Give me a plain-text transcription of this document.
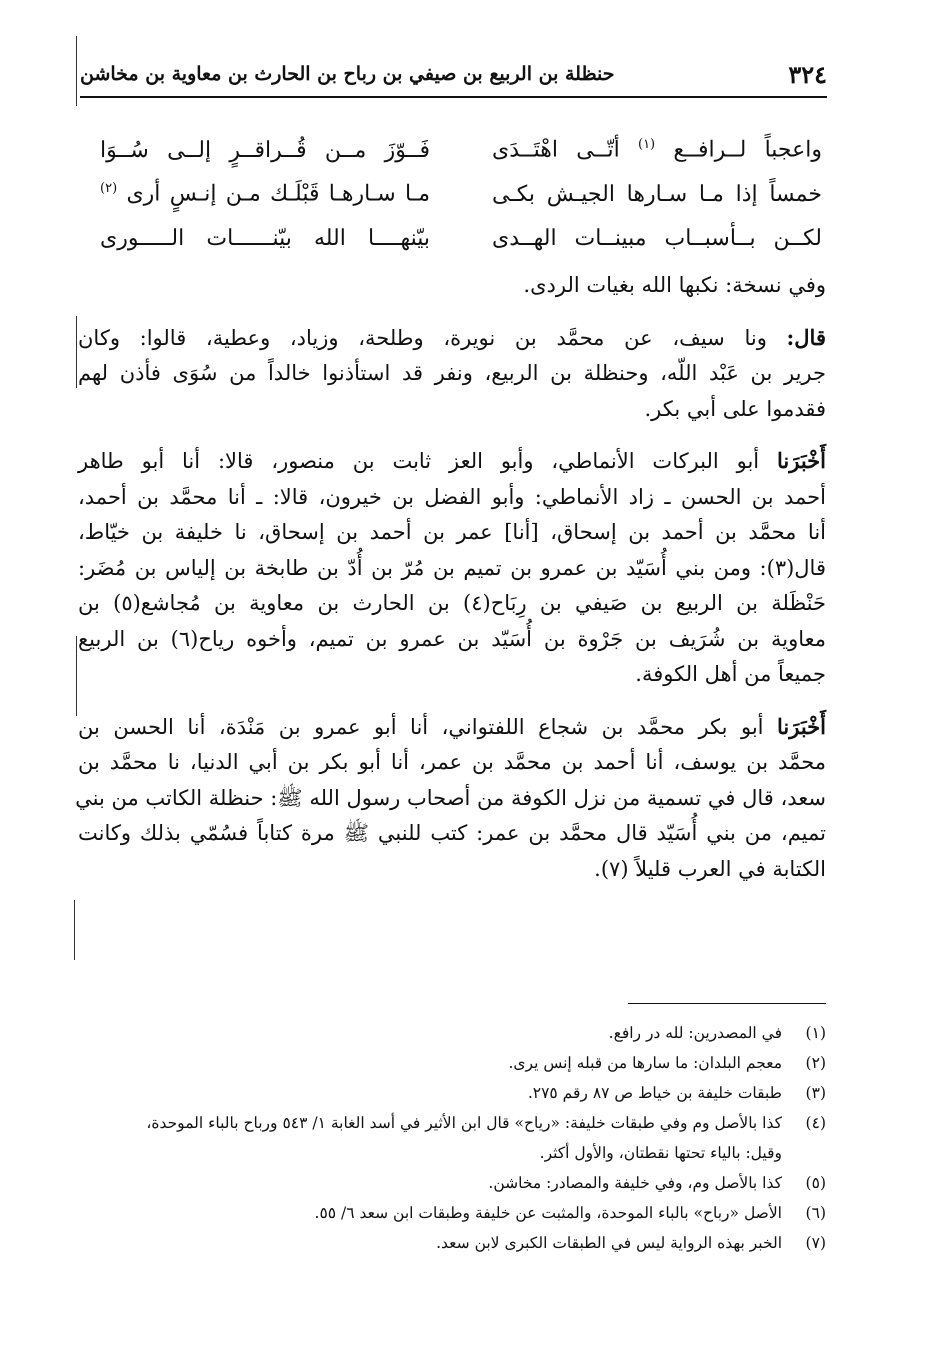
٣٢٤
حنظلة بن الربيع بن صيفي بن رباح بن الحارث بن معاوية بن مخاشن
واعجباً لــرافــع $^{(١)}$ أتّــى اهْتَــدَى
فَــوّزَ مــن قُــراقــرٍ إلــى سُــوَا
خمساً إذا مـا سـارها الجيـش بكـى
مـا سـارهـا قَبْلَـك مـن إنـسٍ أرى $^{(٢)}$
لكــن بــأسبــاب مبينــات الهــدى
بيّنهــــا الله بيّنــــــات الـــــورى

وفي نسخة: نكبها الله بغيات الردى.

قال: ونا سيف، عن محمَّد بن نويرة، وطلحة، وزياد، وعطية، قالوا: وكان
جرير بن عَبْد اللّه، وحنظلة بن الربيع، ونفر قد استأذنوا خالداً من سُوَى فأذن لهم
فقدموا على أبي بكر.

أَخْبَرَنا أبو البركات الأنماطي، وأبو العز ثابت بن منصور، قالا: أنا أبو طاهر
أحمد بن الحسن ـ زاد الأنماطي: وأبو الفضل بن خيرون، قالا: ـ أنا محمَّد بن أحمد،
أنا محمَّد بن أحمد بن إسحاق، [أنا] عمر بن أحمد بن إسحاق، نا خليفة بن خيّاط،
قال(٣): ومن بني أُسَيّد بن عمرو بن تميم بن مُرّ بن أُدّ بن طابخة بن إلياس بن مُضَر:
حَنْظَلة بن الربيع بن صَيفي بن رِبَاح(٤) بن الحارث بن معاوية بن مُجاشع(٥) بن
معاوية بن شُرَيف بن جَرْوة بن أُسَيّد بن عمرو بن تميم، وأخوه رياح(٦) بن الربيع
جميعاً من أهل الكوفة.

أَخْبَرَنا أبو بكر محمَّد بن شجاع اللفتواني، أنا أبو عمرو بن مَنْدَة، أنا الحسن بن
محمَّد بن يوسف، أنا أحمد بن محمَّد بن عمر، أنا أبو بكر بن أبي الدنيا، نا محمَّد بن
سعد، قال في تسمية من نزل الكوفة من أصحاب رسول الله ﷺ: حنظلة الكاتب من بني
تميم، من بني أُسَيّد قال محمَّد بن عمر: كتب للنبي ﷺ مرة كتاباً فسُمّي بذلك وكانت
الكتابة في العرب قليلاً (٧).

(١)
في المصدرين: لله در رافع.
(٢)
معجم البلدان: ما سارها من قبله إنس يرى.
(٣)
طبقات خليفة بن خياط ص ٨٧ رقم ٢٧٥.
(٤)
كذا بالأصل وم وفي طبقات خليفة: «رياح» قال ابن الأثير في أسد الغابة ١/ ٥٤٣ ورباح بالباء الموحدة،
وقيل: بالياء تحتها نقطتان، والأول أكثر.
(٥)
كذا بالأصل وم، وفي خليفة والمصادر: مخاشن.
(٦)
الأصل «رباح» بالباء الموحدة، والمثبت عن خليفة وطبقات ابن سعد ٦/ ٥٥.
(٧)
الخبر بهذه الرواية ليس في الطبقات الكبرى لابن سعد.
